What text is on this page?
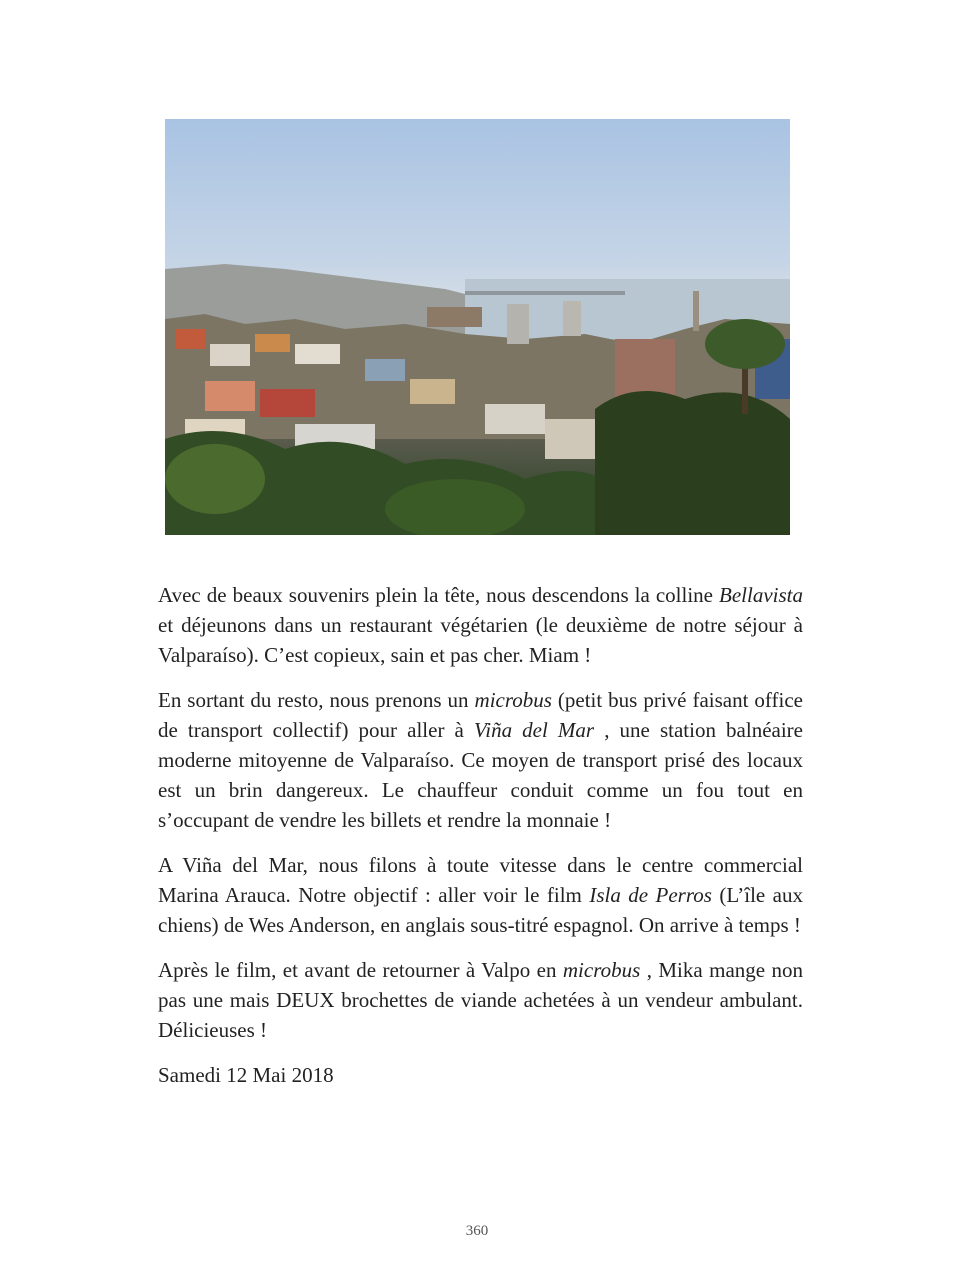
Avec de beaux souvenirs plein la tête, nous descendons la colline Bellavista et déjeunons dans un restaurant végétarien (le deuxième de notre séjour à Valparaíso). C’est copieux, sain et pas cher. Miam !

En sortant du resto, nous prenons un microbus (petit bus privé faisant office de transport collectif) pour aller à Viña del Mar , une station balnéaire moderne mitoyenne de Valparaíso. Ce moyen de transport prisé des locaux est un brin dangereux. Le chauffeur conduit comme un fou tout en s’occupant de vendre les billets et rendre la monnaie !

A Viña del Mar, nous filons à toute vitesse dans le centre commercial Marina Arauca. Notre objectif : aller voir le film Isla de Perros (L’île aux chiens) de Wes Anderson, en anglais sous-titré espagnol. On arrive à temps !

Après le film, et avant de retourner à Valpo en microbus , Mika mange non pas une mais DEUX brochettes de viande achetées à un vendeur ambulant. Délicieuses !

Samedi 12 Mai 2018

360
